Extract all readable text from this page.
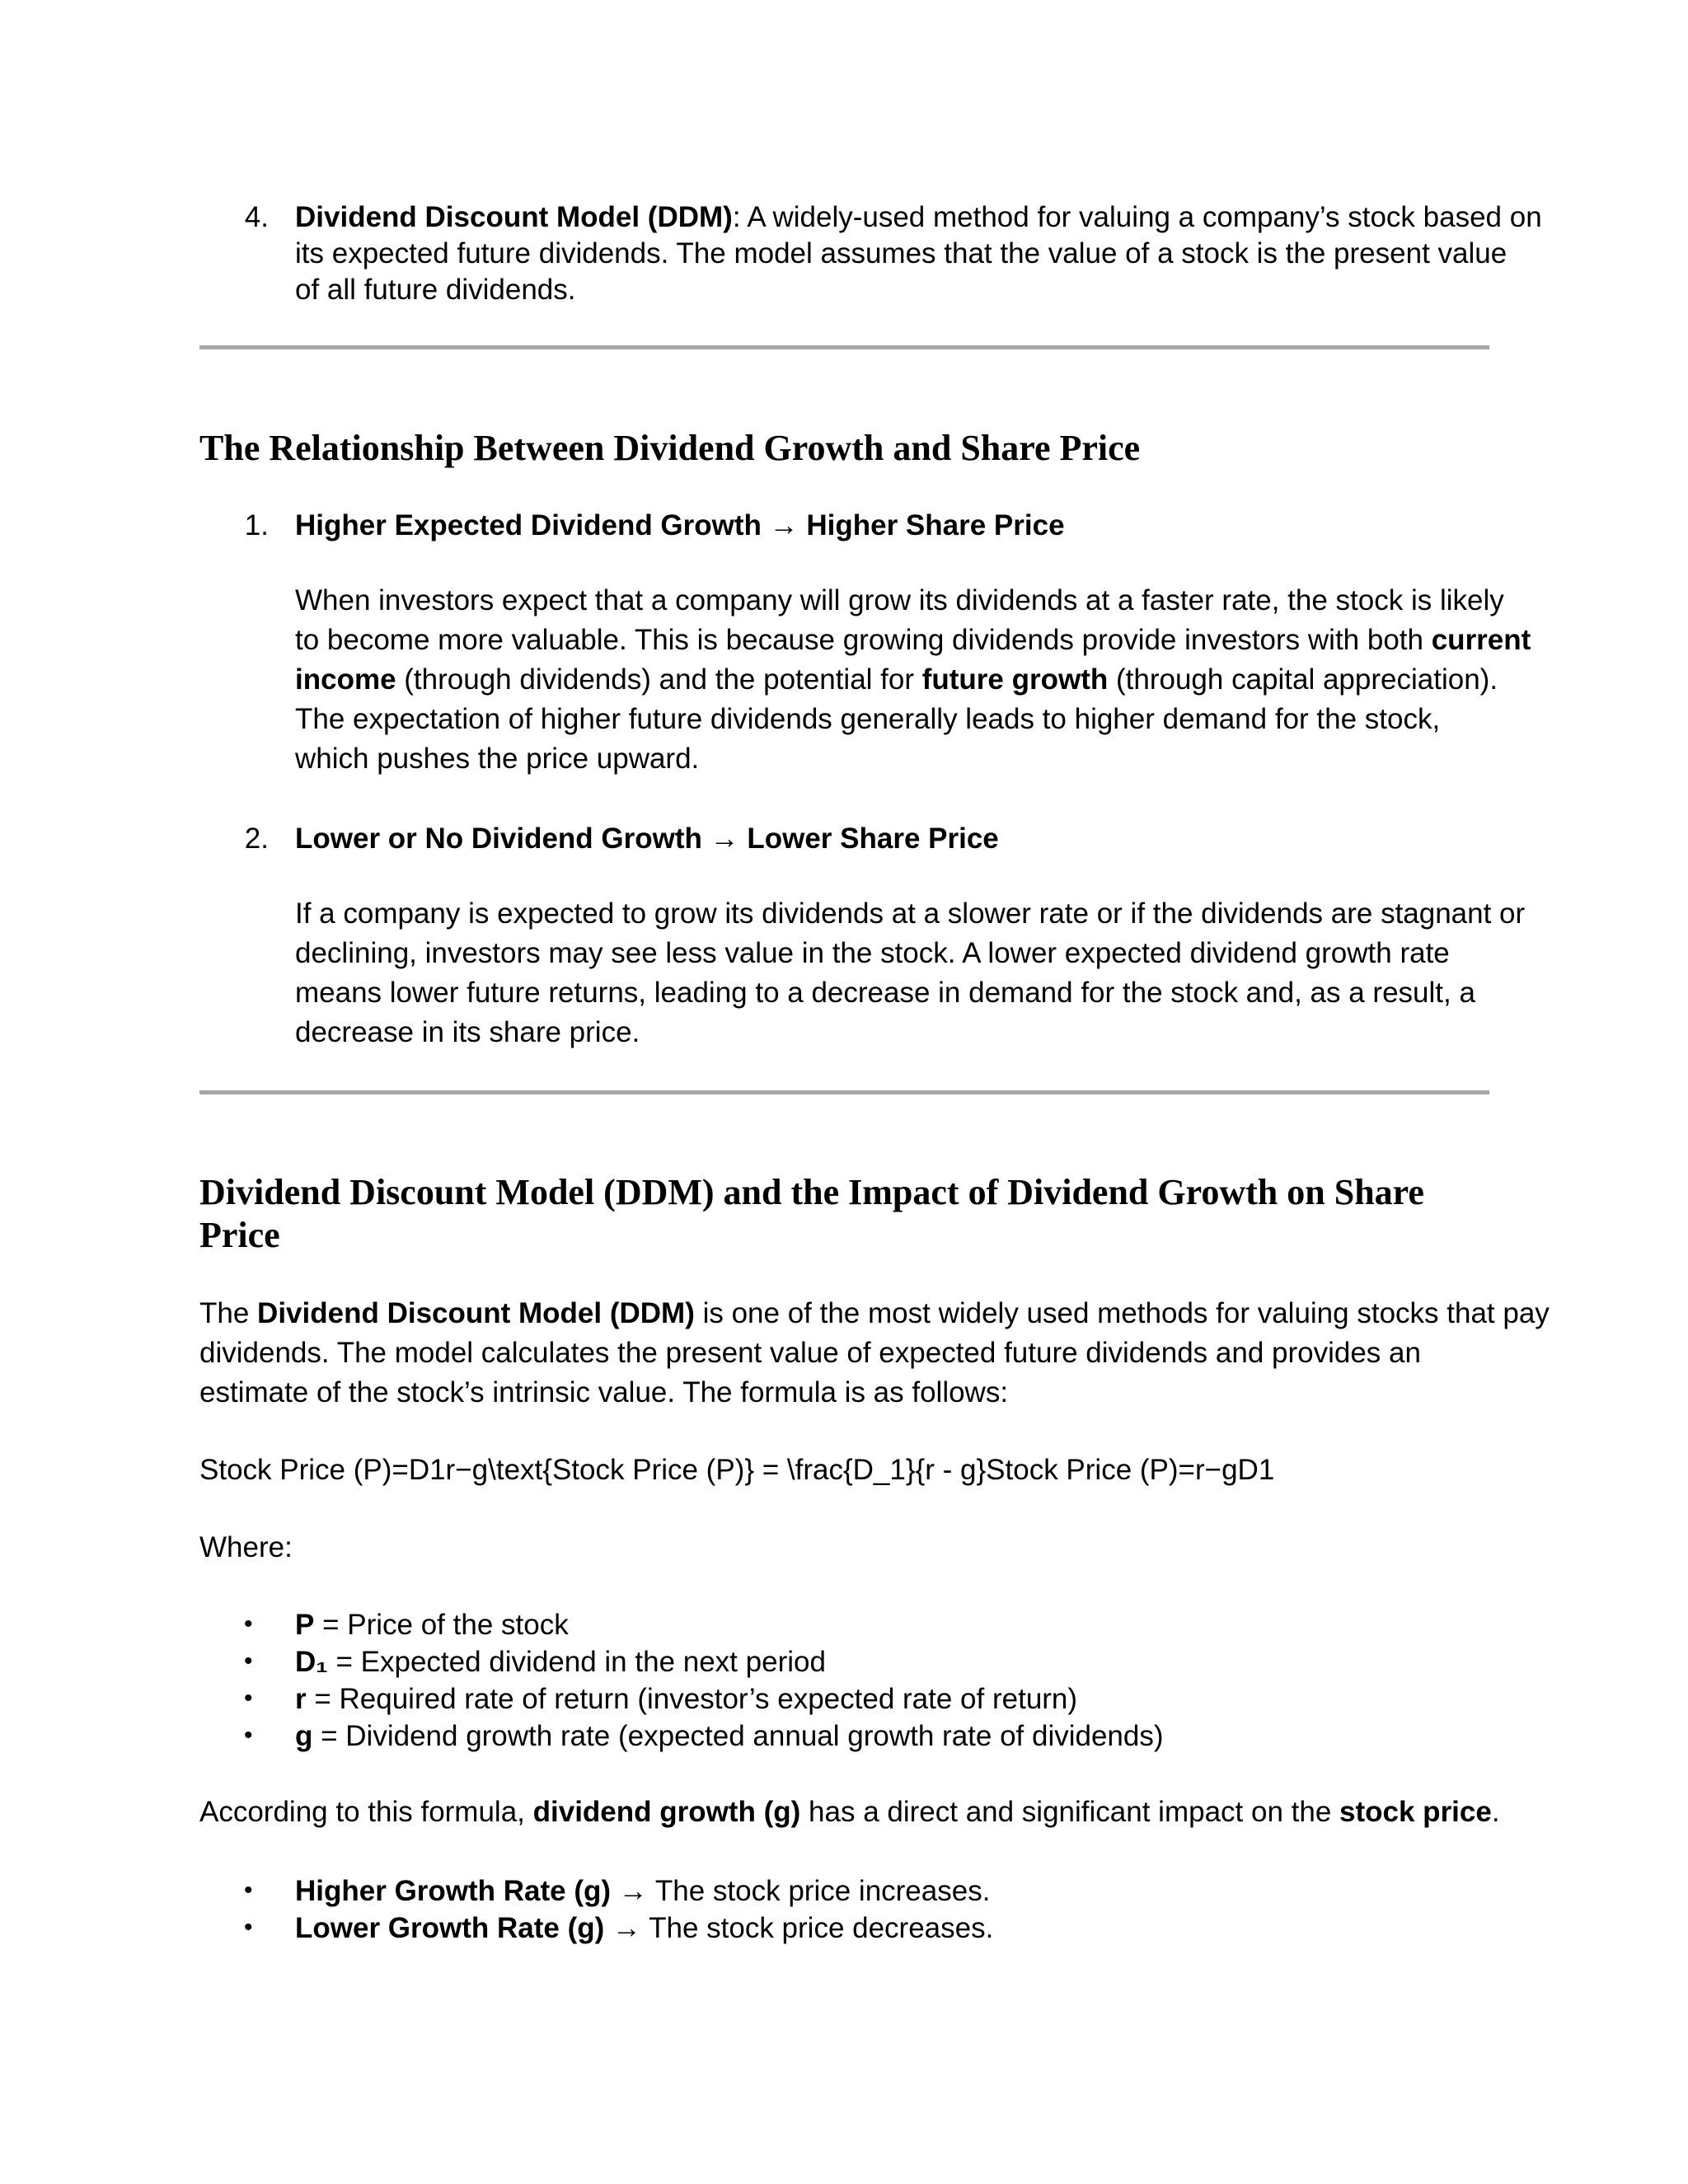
4. Dividend Discount Model (DDM): A widely-used method for valuing a company’s stock based on
its expected future dividends. The model assumes that the value of a stock is the present value
of all future dividends.
The Relationship Between Dividend Growth and Share Price
1. Higher Expected Dividend Growth → Higher Share Price
When investors expect that a company will grow its dividends at a faster rate, the stock is likely
to become more valuable. This is because growing dividends provide investors with both current
income (through dividends) and the potential for future growth (through capital appreciation).
The expectation of higher future dividends generally leads to higher demand for the stock,
which pushes the price upward.
2. Lower or No Dividend Growth → Lower Share Price
If a company is expected to grow its dividends at a slower rate or if the dividends are stagnant or
declining, investors may see less value in the stock. A lower expected dividend growth rate
means lower future returns, leading to a decrease in demand for the stock and, as a result, a
decrease in its share price.
Dividend Discount Model (DDM) and the Impact of Dividend Growth on Share
Price
The Dividend Discount Model (DDM) is one of the most widely used methods for valuing stocks that pay
dividends. The model calculates the present value of expected future dividends and provides an
estimate of the stock’s intrinsic value. The formula is as follows:
Stock Price (P)=D1r−g\text{Stock Price (P)} = \frac{D_1}{r - g}Stock Price (P)=r−gD1
Where:
• P = Price of the stock
• D₁ = Expected dividend in the next period
• r = Required rate of return (investor’s expected rate of return)
• g = Dividend growth rate (expected annual growth rate of dividends)
According to this formula, dividend growth (g) has a direct and significant impact on the stock price.
• Higher Growth Rate (g) → The stock price increases.
• Lower Growth Rate (g) → The stock price decreases.
